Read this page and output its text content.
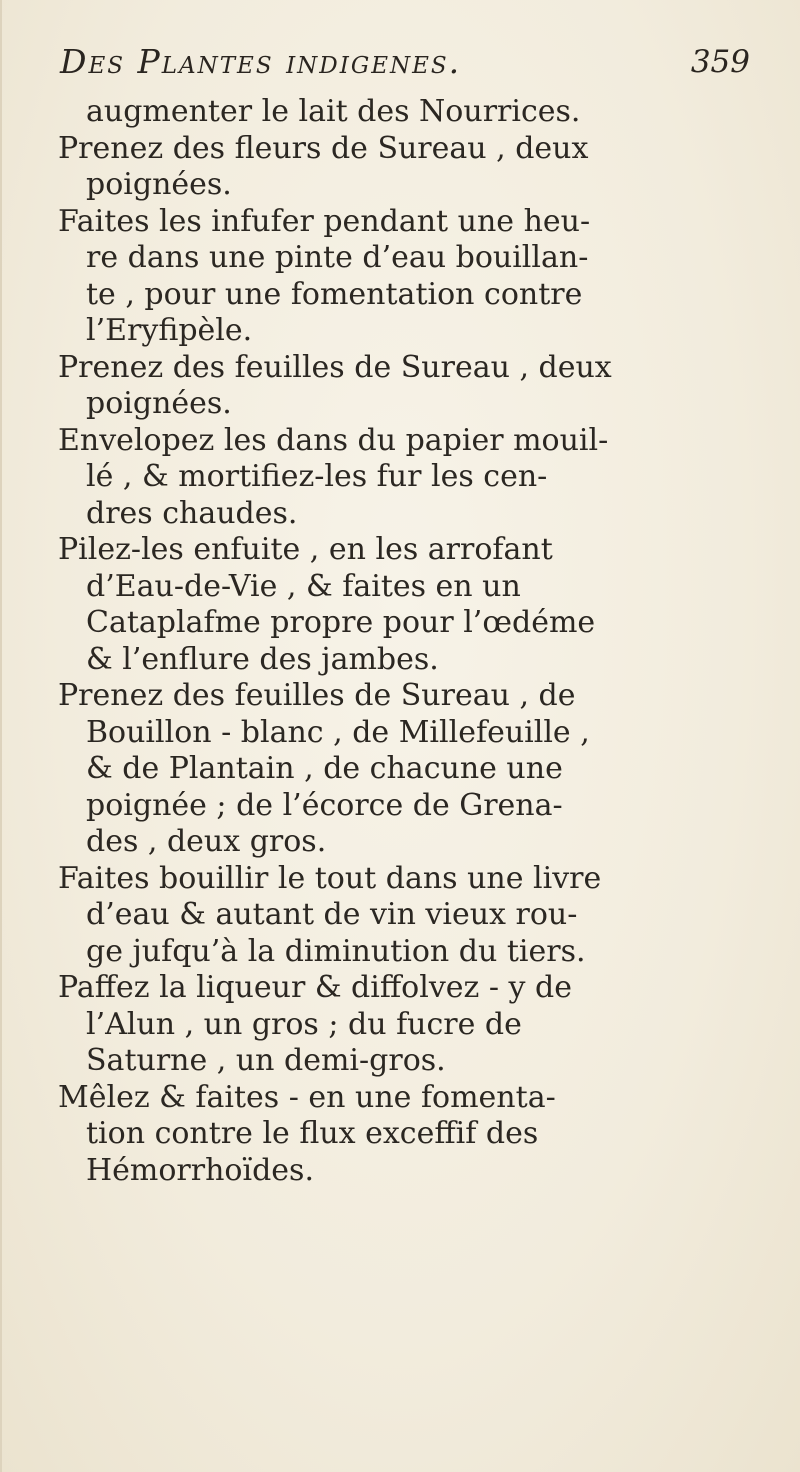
Des Plantes indigenes.	359
augmenter le lait des Nourrices.
Prenez des fleurs de Sureau , deux
poignées.
Faites les infufer pendant une heu-
re dans une pinte d’eau bouillan-
te , pour une fomentation contre
l’Eryfipèle.
Prenez des feuilles de Sureau , deux
poignées.
Envelopez les dans du papier mouil-
lé , & mortifiez-les fur les cen-
dres chaudes.
Pilez-les enfuite , en les arrofant
d’Eau-de-Vie , & faites en un
Cataplafme propre pour l’œdéme
& l’enflure des jambes.
Prenez des feuilles de Sureau , de
Bouillon - blanc , de Millefeuille ,
& de Plantain , de chacune une
poignée ; de l’écorce de Grena-
des , deux gros.
Faites bouillir le tout dans une livre
d’eau & autant de vin vieux rou-
ge jufqu’à la diminution du tiers.
Paffez la liqueur & diffolvez - y de
l’Alun , un gros ; du fucre de
Saturne , un demi-gros.
Mêlez & faites - en une fomenta-
tion contre le flux exceffif des
Hémorrhoïdes.
